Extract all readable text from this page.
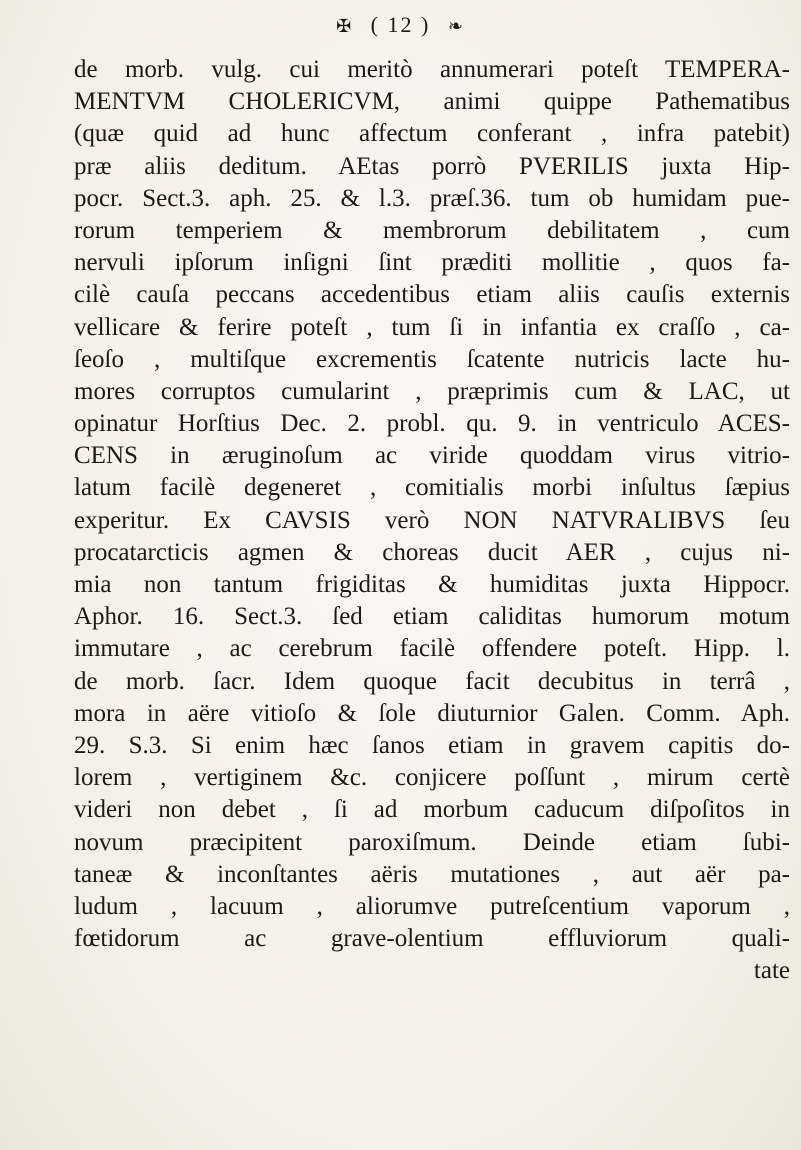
✠ ( 12 ) ❧
de morb. vulg. cui meritò annumerari poteſt TEMPERA-
MENTVM CHOLERICVM, animi quippe Pathematibus
(quæ quid ad hunc affectum conferant , infra patebit)
præ aliis deditum. AEtas porrò PVERILIS juxta Hip-
pocr. Sect.3. aph. 25. & l.3. præſ.36. tum ob humidam pue-
rorum temperiem & membrorum debilitatem , cum
nervuli ipſorum inſigni ſint præditi mollitie , quos fa-
cilè cauſa peccans accedentibus etiam aliis cauſis externis
vellicare & ferire poteſt , tum ſi in infantia ex craſſo , ca-
ſeoſo , multiſque excrementis ſcatente nutricis lacte hu-
mores corruptos cumularint , præprimis cum & LAC, ut
opinatur Horſtius Dec. 2. probl. qu. 9. in ventriculo ACES-
CENS in æruginoſum ac viride quoddam virus vitrio-
latum facilè degeneret , comitialis morbi inſultus ſæpius
experitur. Ex CAVSIS verò NON NATVRALIBVS ſeu
procatarcticis agmen & choreas ducit AER , cujus ni-
mia non tantum frigiditas & humiditas juxta Hippocr.
Aphor. 16. Sect.3. ſed etiam caliditas humorum motum
immutare , ac cerebrum facilè offendere poteſt. Hipp. l.
de morb. ſacr. Idem quoque facit decubitus in terrâ ,
mora in aëre vitioſo & ſole diuturnior Galen. Comm. Aph.
29. S.3. Si enim hæc ſanos etiam in gravem capitis do-
lorem , vertiginem &c. conjicere poſſunt , mirum certè
videri non debet , ſi ad morbum caducum diſpoſitos in
novum præcipitent paroxiſmum. Deinde etiam ſubi-
taneæ & inconſtantes aëris mutationes , aut aër pa-
ludum , lacuum , aliorumve putreſcentium vaporum ,
fœtidorum ac grave-olentium effluviorum quali-
tate
